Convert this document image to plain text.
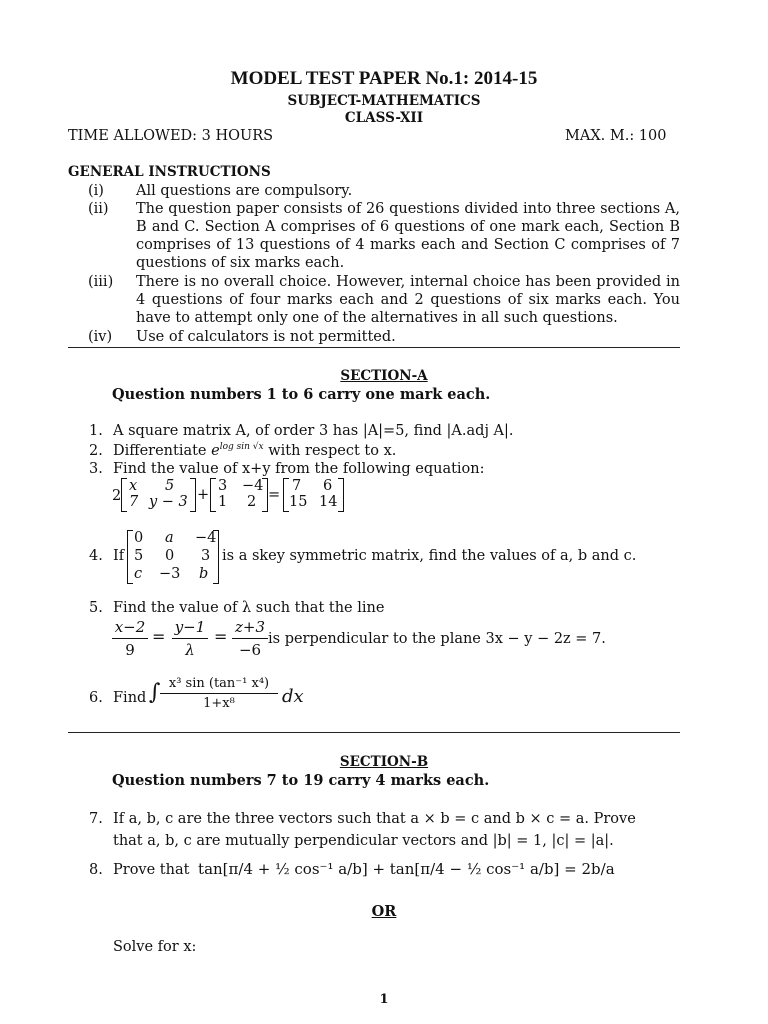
MODEL TEST PAPER No.1: 2014-15
SUBJECT-MATHEMATICS
CLASS-XII
TIME ALLOWED: 3 HOURS	MAX. M.: 100
GENERAL INSTRUCTIONS
(i) All questions are compulsory.
(ii) The question paper consists of 26 questions divided into three sections A, B and C. Section A comprises of 6 questions of one mark each, Section B comprises of 13 questions of 4 marks each and Section C comprises of 7 questions of six marks each.
(iii) There is no overall choice. However, internal choice has been provided in 4 questions of four marks each and 2 questions of six marks each. You have to attempt only one of the alternatives in all such questions.
(iv) Use of calculators is not permitted.
SECTION-A
Question numbers 1 to 6 carry one mark each.
1. A square matrix A, of order 3 has |A|=5, find |A.adj A|.
2. Differentiate $e^{log sin √x}$ with respect to x.
3. Find the value of x+y from the following equation:
2
x 5
7 y − 3 +
3 −4
1 2 =
7 6
15 14
4. If
0 a −4
5 0 3
c −3 b
is a skey symmetric matrix, find the values of a, b and c.
5. Find the value of λ such that the line
x−2
9
= y−1
λ
= z+3
−6
is perpendicular to the plane 3x − y − 2z = 7.
6. Find ∫ x³ sin (tan⁻¹ x⁴)
1+x⁸	dx
SECTION-B
Question numbers 7 to 19 carry 4 marks each.
7. If a, b, c are the three vectors such that a × b = c and b × c = a. Prove
that a, b, c are mutually perpendicular vectors and |b| = 1, |c| = |a|.
8. Prove that tan[π/4 + ½ cos⁻¹ a/b] + tan[π/4 − ½ cos⁻¹ a/b] = 2b/a
OR
Solve for x:
1
